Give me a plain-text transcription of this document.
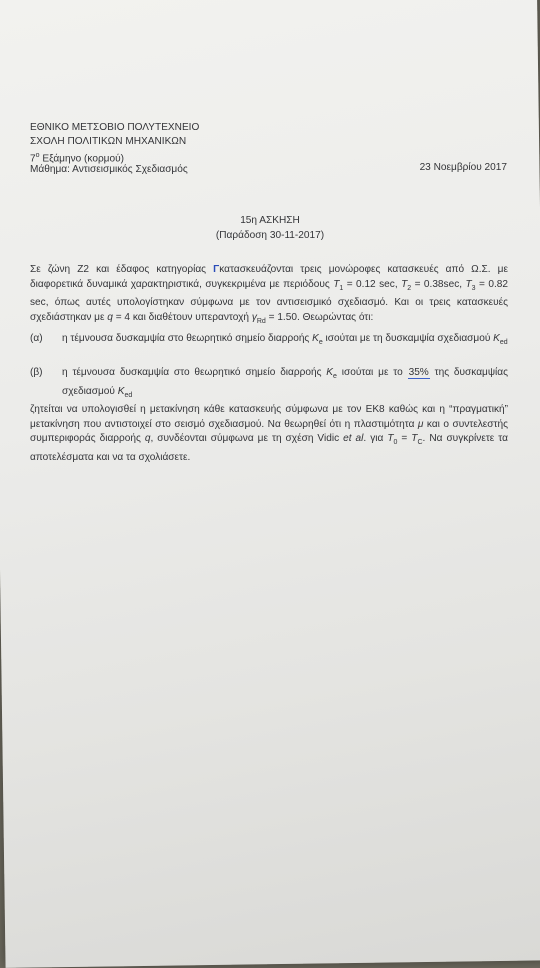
ΕΘΝΙΚΟ ΜΕΤΣΟΒΙΟ ΠΟΛΥΤΕΧΝΕΙΟ
ΣΧΟΛΗ ΠΟΛΙΤΙΚΩΝ ΜΗΧΑΝΙΚΩΝ
$7^o$ Εξάμηνο (κορμού)
Μάθημα: Αντισεισμικός Σχεδιασμός	23 Νοεμβρίου 2017
15η ΑΣΚΗΣΗ
(Παράδοση 30-11-2017)
Σε ζώνη Ζ2 και έδαφος κατηγορίας Γκατασκευάζονται τρεις μονώροφες κατασκευές από Ω.Σ. με διαφορετικά δυναμικά χαρακτηριστικά, συγκεκριμένα με περιόδους $T_1 = 0.12$ sec, $T_2 = 0.38\sec$, $T_3 = 0.82$ sec, όπως αυτές υπολογίστηκαν σύμφωνα με τον αντισεισμικό σχεδιασμό. Και οι τρεις κατασκευές σχεδιάστηκαν με q = 4 και διαθέτουν υπεραντοχή $\gamma_{Rd} = 1.50$. Θεωρώντας ότι:
(α)	η τέμνουσα δυσκαμψία στο θεωρητικό σημείο διαρροής $K_e$ ισούται με τη δυσκαμψία σχεδιασμού $K_{ed}$
(β)	η τέμνουσα δυσκαμψία στο θεωρητικό σημείο διαρροής $K_e$ ισούται με το 35% της δυσκαμψίας σχεδιασμού $K_{ed}$
ζητείται να υπολογισθεί η μετακίνηση κάθε κατασκευής σύμφωνα με τον ΕΚ8 καθώς και η “πραγματική” μετακίνηση που αντιστοιχεί στο σεισμό σχεδιασμού. Να θεωρηθεί ότι η πλαστιμότητα μ και ο συντελεστής συμπεριφοράς διαρροής q, συνδέονται σύμφωνα με τη σχέση Vidic et al. για $T_0 = T_C$. Να συγκρίνετε τα αποτελέσματα και να τα σχολιάσετε.
